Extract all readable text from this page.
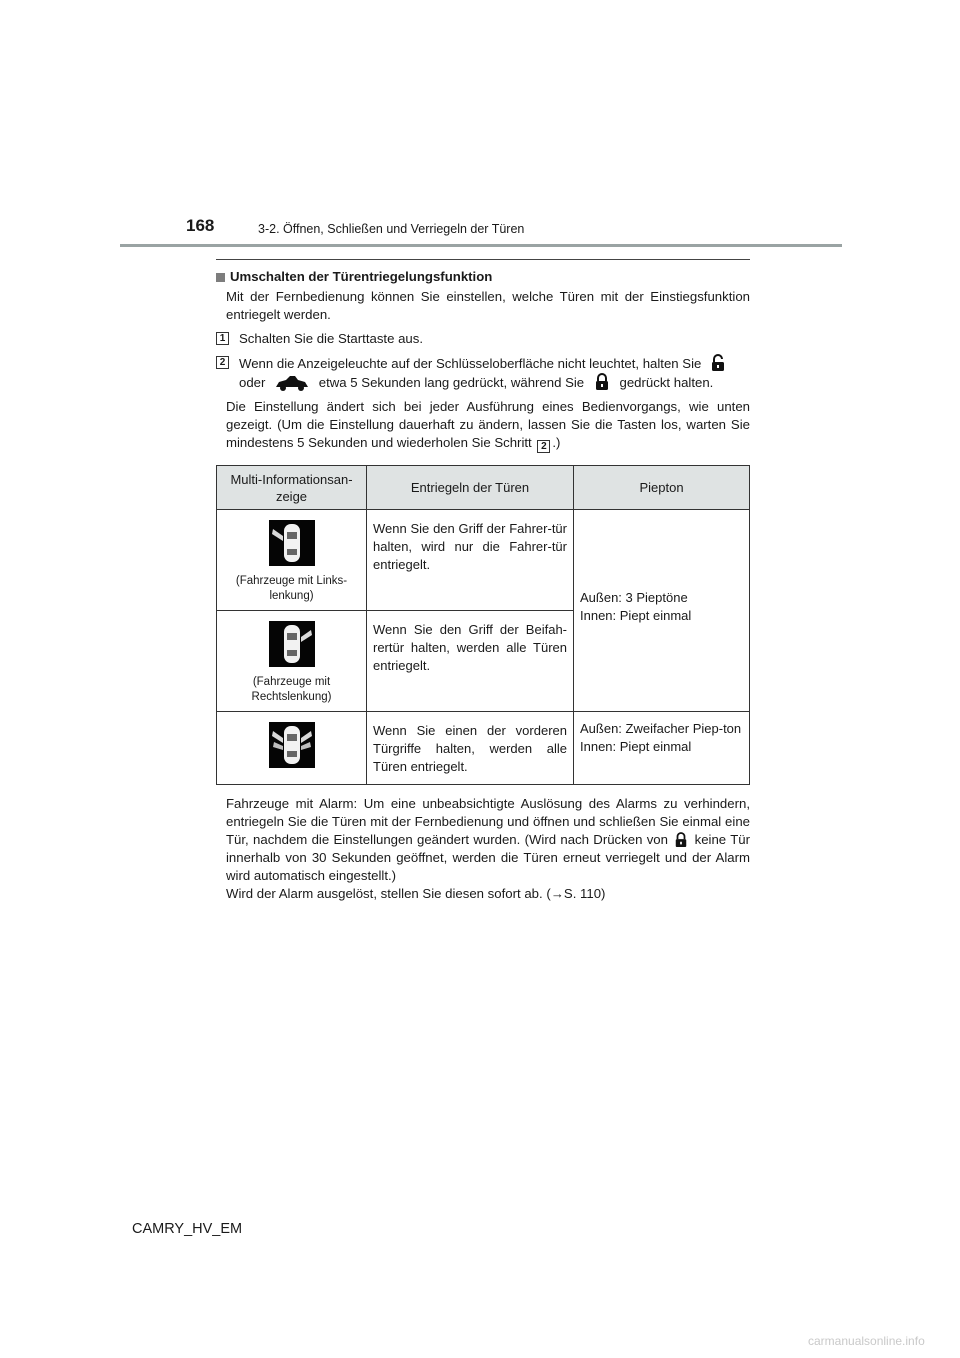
168	3-2. Öffnen, Schließen und Verriegeln der Türen
Umschalten der Türentriegelungsfunktion

Mit der Fernbedienung können Sie einstellen, welche Türen mit der Einstiegsfunktion entriegelt werden.

1 Schalten Sie die Starttaste aus.
2 Wenn die Anzeigeleuchte auf der Schlüsseloberfläche nicht leuchtet, halten Sie
oder	etwa 5 Sekunden lang gedrückt, während Sie	gedrückt halten.

Die Einstellung ändert sich bei jeder Ausführung eines Bedienvorgangs, wie unten gezeigt. (Um die Einstellung dauerhaft zu ändern, lassen Sie die Tasten los, warten Sie mindestens 5 Sekunden und wiederholen Sie Schritt 2 .)

Multi-Informationsan-zeige	Entriegeln der Türen	Piepton

(Fahrzeuge mit Links-lenkung)	Wenn Sie den Griff der Fahrer-tür halten, wird nur die Fahrer-tür entriegelt.	Außen: 3 Pieptöne
Innen: Piept einmal

(Fahrzeuge mit Rechtslenkung)	Wenn Sie den Griff der Beifah-rertür halten, werden alle Türen entriegelt.	

	Wenn Sie einen der vorderen Türgriffe halten, werden alle Türen entriegelt.	Außen: Zweifacher Piep-ton
Innen: Piept einmal

Fahrzeuge mit Alarm: Um eine unbeabsichtigte Auslösung des Alarms zu verhindern, entriegeln Sie die Türen mit der Fernbedienung und öffnen und schließen Sie einmal eine Tür, nachdem die Einstellungen geändert wurden. (Wird nach Drücken von keine Tür innerhalb von 30 Sekunden geöffnet, werden die Türen erneut verriegelt und der Alarm wird automatisch eingestellt.)

Wird der Alarm ausgelöst, stellen Sie diesen sofort ab. (→S. 110)

CAMRY_HV_EM
carmanualsonline.info
